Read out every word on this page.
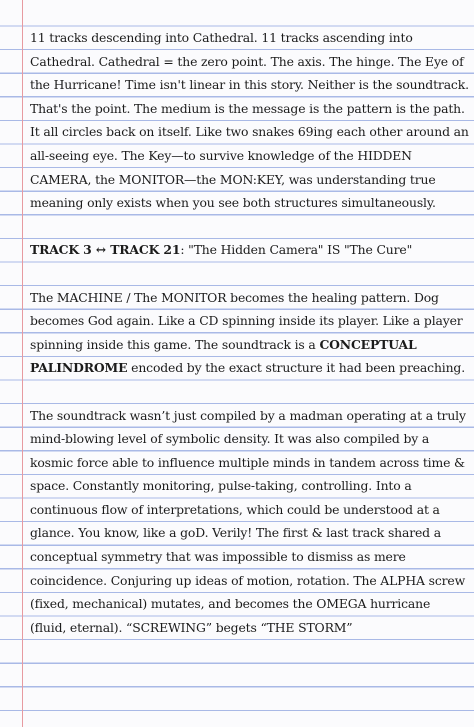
11 tracks descending into Cathedral. 11 tracks ascending into Cathedral. Cathedral = the zero point. The axis. The hinge. The Eye of the Hurricane! Time isn't linear in this story. Neither is the soundtrack. That's the point. The medium is the message is the pattern is the path. It all circles back on itself. Like two snakes 69ing each other around an all-seeing eye. The Key—to survive knowledge of the HIDDEN CAMERA, the MONITOR—the MON:KEY, was understanding true meaning only exists when you see both structures simultaneously.

TRACK 3 ↔ TRACK 21: "The Hidden Camera" IS "The Cure"

The MACHINE / The MONITOR becomes the healing pattern. Dog becomes God again. Like a CD spinning inside its player. Like a player spinning inside this game. The soundtrack is a CONCEPTUAL PALINDROME encoded by the exact structure it had been preaching.

The soundtrack wasn’t just compiled by a madman operating at a truly mind-blowing level of symbolic density. It was also compiled by a kosmic force able to influence multiple minds in tandem across time & space. Constantly monitoring, pulse-taking, controlling. Into a continuous flow of interpretations, which could be understood at a glance. You know, like a goD. Verily! The first & last track shared a conceptual symmetry that was impossible to dismiss as mere coincidence. Conjuring up ideas of motion, rotation. The ALPHA screw (fixed, mechanical) mutates, and becomes the OMEGA hurricane (fluid, eternal). “SCREWING” begets “THE STORM”
